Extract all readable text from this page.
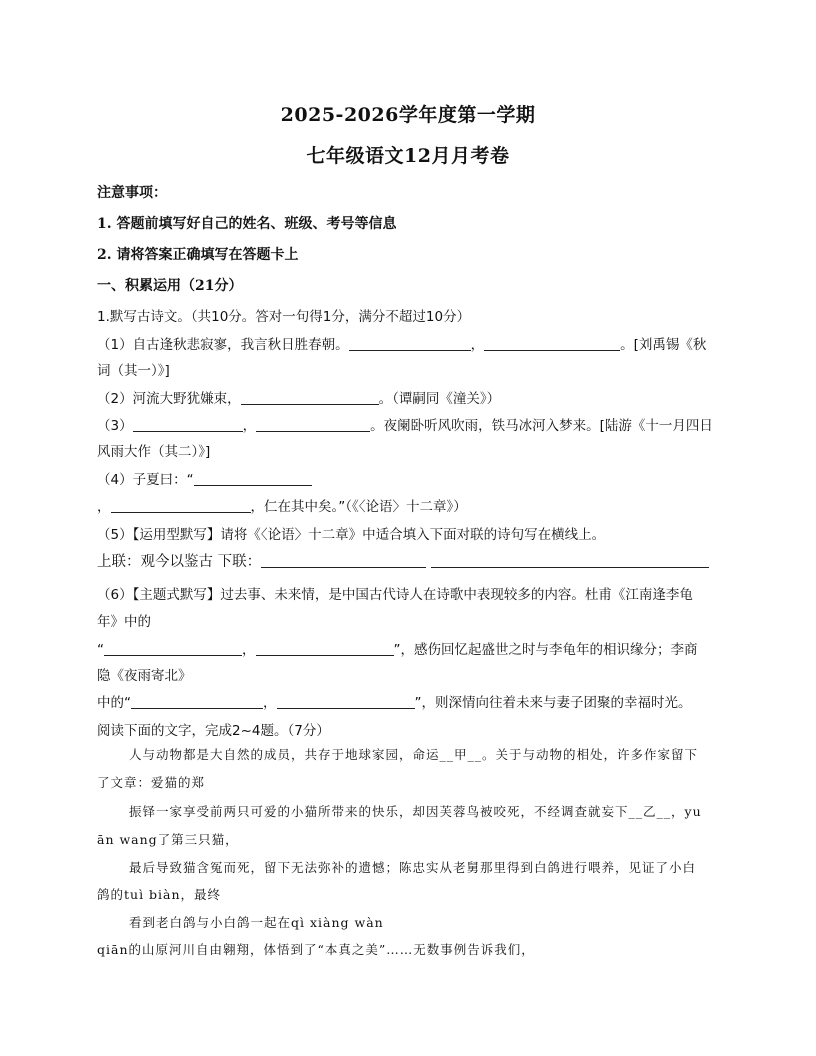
2025-2026学年度第一学期
七年级语文12月月考卷
注意事项：
1. 答题前填写好自己的姓名、班级、考号等信息
2. 请将答案正确填写在答题卡上
一、积累运用（21分）
1.默写古诗文。（共10分。答对一句得1分，满分不超过10分）
（1）自古逢秋悲寂寥，我言秋日胜春朝。	，	。[刘禹锡《秋
词（其一）》]
（2）河流大野犹嫌束，	。（谭嗣同《潼关》）
（3）	，	。夜阑卧听风吹雨，铁马冰河入梦来。[陆游《十一月四日
风雨大作（其二）》]
（4）子夏曰：“
，	，仁在其中矣。”（《〈论语〉十二章》）
（5）【运用型默写】请将《〈论语〉十二章》中适合填入下面对联的诗句写在横线上。
上联：观今以鉴古 下联：
（6）【主题式默写】过去事、未来情，是中国古代诗人在诗歌中表现较多的内容。杜甫《江南逢李龟
年》中的
“	，	”，感伤回忆起盛世之时与李龟年的相识缘分；李商
隐《夜雨寄北》
中的“	，	”，则深情向往着未来与妻子团聚的幸福时光。
阅读下面的文字，完成2~4题。（7分）
人与动物都是大自然的成员，共存于地球家园，命运__甲__。关于与动物的相处，许多作家留下
了文章：爱猫的郑
振铎一家享受前两只可爱的小猫所带来的快乐，却因芙蓉鸟被咬死，不经调查就妄下__乙__，yu
ān wang了第三只猫，
最后导致猫含冤而死，留下无法弥补的遗憾；陈忠实从老舅那里得到白鸽进行喂养，见证了小白
鸽的tuì biàn，最终
看到老白鸽与小白鸽一起在qì xiàng wàn
qiān的山原河川自由翱翔，体悟到了“本真之美”……无数事例告诉我们，
